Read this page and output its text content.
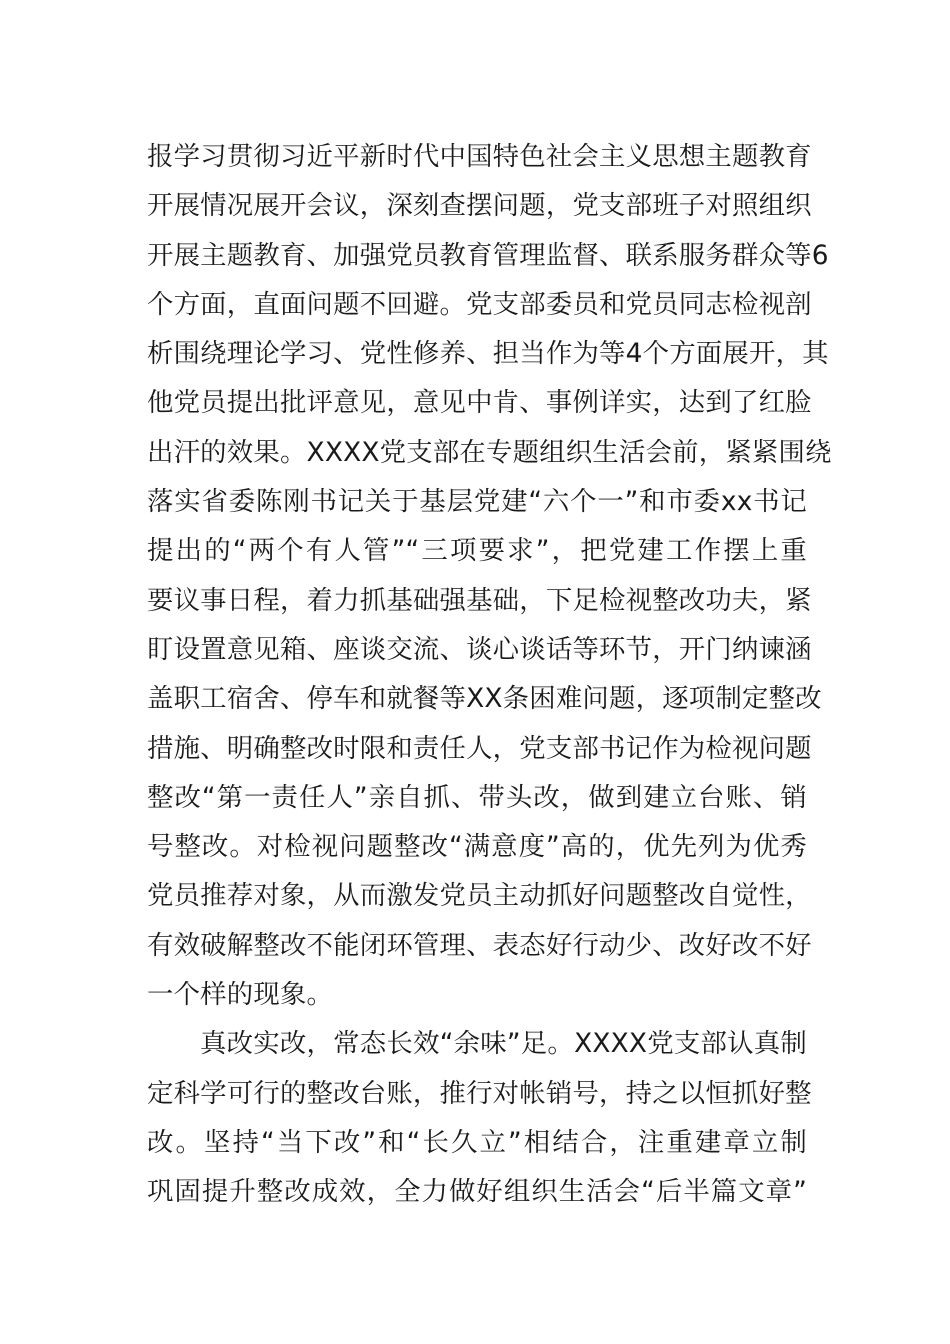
报学习贯彻习近平新时代中国特色社会主义思想主题教育
开展情况展开会议，深刻查摆问题，党支部班子对照组织
开展主题教育、加强党员教育管理监督、联系服务群众等6
个方面，直面问题不回避。党支部委员和党员同志检视剖
析围绕理论学习、党性修养、担当作为等4个方面展开，其
他党员提出批评意见，意见中肯、事例详实，达到了红脸
出汗的效果。XXXX党支部在专题组织生活会前，紧紧围绕
落实省委陈刚书记关于基层党建“六个一”和市委xx书记
提出的“两个有人管”“三项要求”，把党建工作摆上重
要议事日程，着力抓基础强基础，下足检视整改功夫，紧
盯设置意见箱、座谈交流、谈心谈话等环节，开门纳谏涵
盖职工宿舍、停车和就餐等XX条困难问题，逐项制定整改
措施、明确整改时限和责任人，党支部书记作为检视问题
整改“第一责任人”亲自抓、带头改，做到建立台账、销
号整改。对检视问题整改“满意度”高的，优先列为优秀
党员推荐对象，从而激发党员主动抓好问题整改自觉性，
有效破解整改不能闭环管理、表态好行动少、改好改不好
一个样的现象。
真改实改，常态长效“余味”足。XXXX党支部认真制
定科学可行的整改台账，推行对帐销号，持之以恒抓好整
改。坚持“当下改”和“长久立”相结合，注重建章立制
巩固提升整改成效，全力做好组织生活会“后半篇文章”
